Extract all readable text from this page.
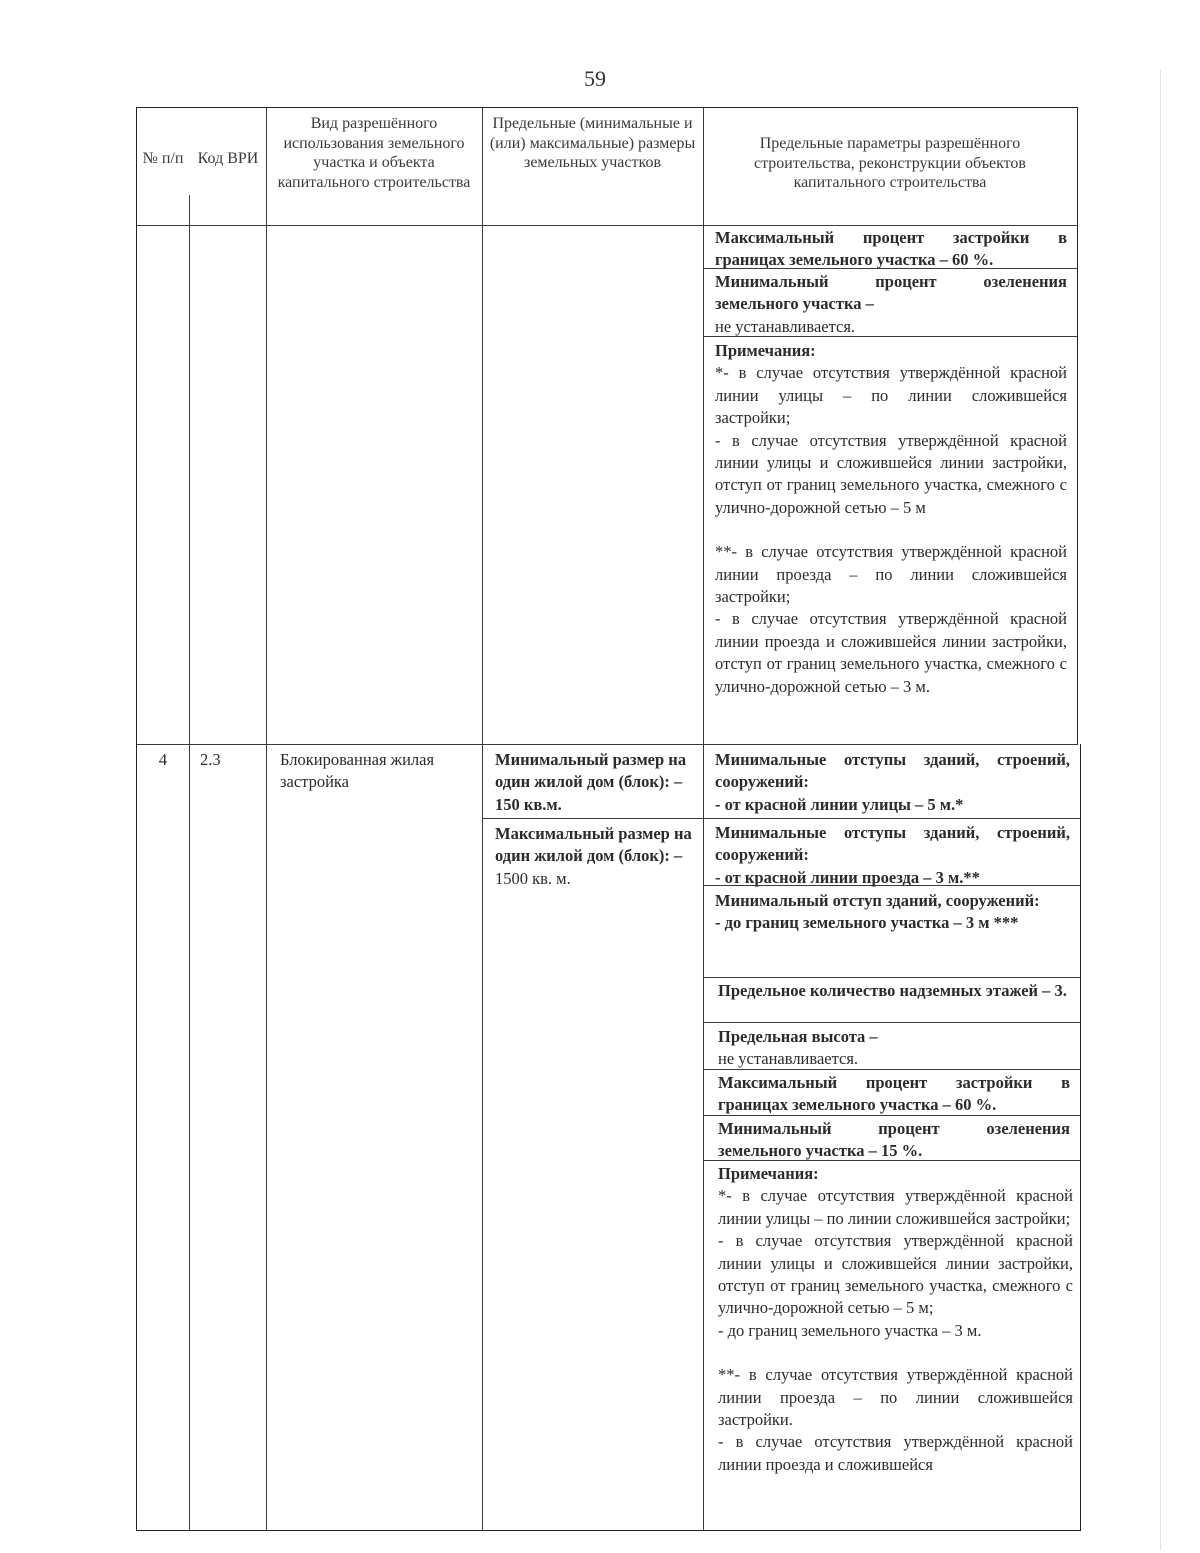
59
№ п/п Код ВРИ
Вид разрешённого использования земельного участка и объекта капитального строительства
Предельные (минимальные и (или) максимальные) размеры земельных участков
Предельные параметры разрешённого строительства, реконструкции объектов капитального строительства
Максимальный процент застройки в границах земельного участка – 60 %.
Минимальный процент озеленения земельного участка –
не устанавливается.
Примечания:
*- в случае отсутствия утверждённой красной линии улицы – по линии сложившейся застройки;
- в случае отсутствия утверждённой красной линии улицы и сложившейся линии застройки, отступ от границ земельного участка, смежного с улично-дорожной сетью – 5 м
**- в случае отсутствия утверждённой красной линии проезда – по линии сложившейся застройки;
- в случае отсутствия утверждённой красной линии проезда и сложившейся линии застройки, отступ от границ земельного участка, смежного с улично-дорожной сетью – 3 м.
4	2.3	Блокированная жилая застройка
Минимальный размер на один жилой дом (блок): –150 кв.м.
Максимальный размер на один жилой дом (блок): –
1500 кв. м.
Минимальные отступы зданий, строений, сооружений:
- от красной линии улицы – 5 м.*
Минимальные отступы зданий, строений, сооружений:
- от красной линии проезда – 3 м.**
Минимальный отступ зданий, сооружений:
- до границ земельного участка – 3 м ***
Предельное количество надземных этажей – 3.
Предельная высота –
не устанавливается.
Максимальный процент застройки в границах земельного участка – 60 %.
Минимальный процент озеленения земельного участка – 15 %.
Примечания:
*- в случае отсутствия утверждённой красной линии улицы – по линии сложившейся застройки;
- в случае отсутствия утверждённой красной линии улицы и сложившейся линии застройки, отступ от границ земельного участка, смежного с улично-дорожной сетью – 5 м;
- до границ земельного участка – 3 м.
**- в случае отсутствия утверждённой красной линии проезда – по линии сложившейся застройки.
- в случае отсутствия утверждённой красной линии проезда и сложившейся
